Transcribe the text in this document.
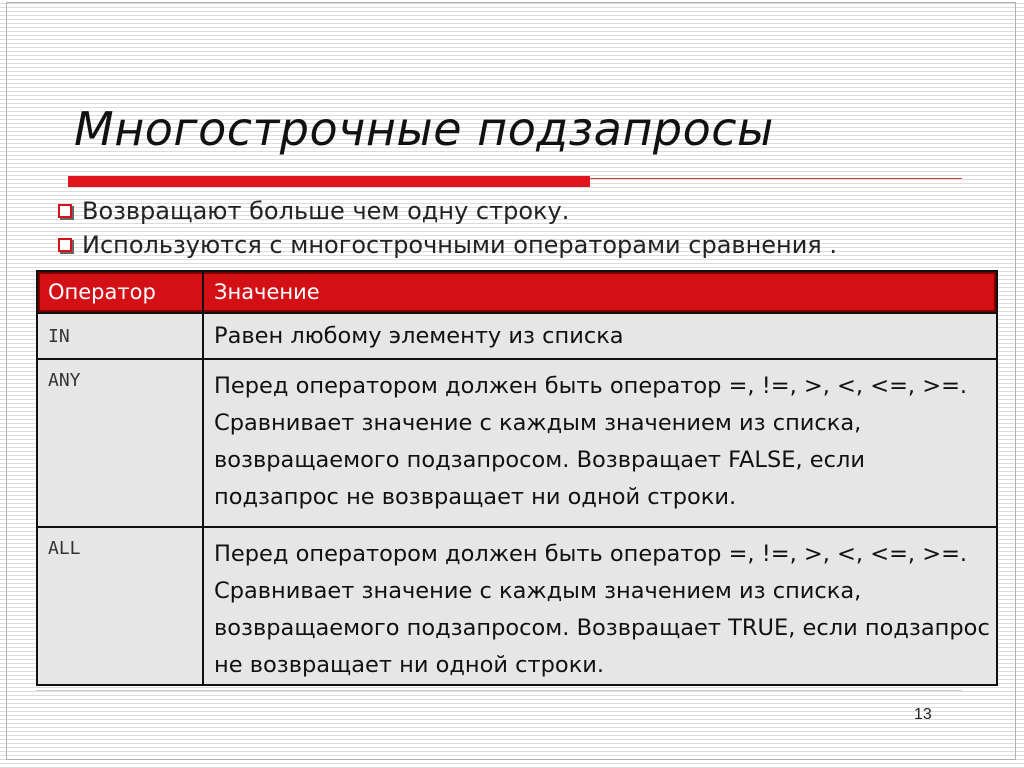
Многострочные подзапросы
Возвращают больше чем одну строку.
Используются с многострочными операторами сравнения .
Оператор	Значение
IN	Равен любому элементу из списка
ANY	Перед оператором должен быть оператор =, !=, >, <, <=, >=. Сравнивает значение с каждым значением из списка, возвращаемого подзапросом. Возвращает FALSE, если подзапрос не возвращает ни одной строки.
ALL	Перед оператором должен быть оператор =, !=, >, <, <=, >=. Сравнивает значение с каждым значением из списка, возвращаемого подзапросом. Возвращает TRUE, если подзапрос не возвращает ни одной строки.
13
